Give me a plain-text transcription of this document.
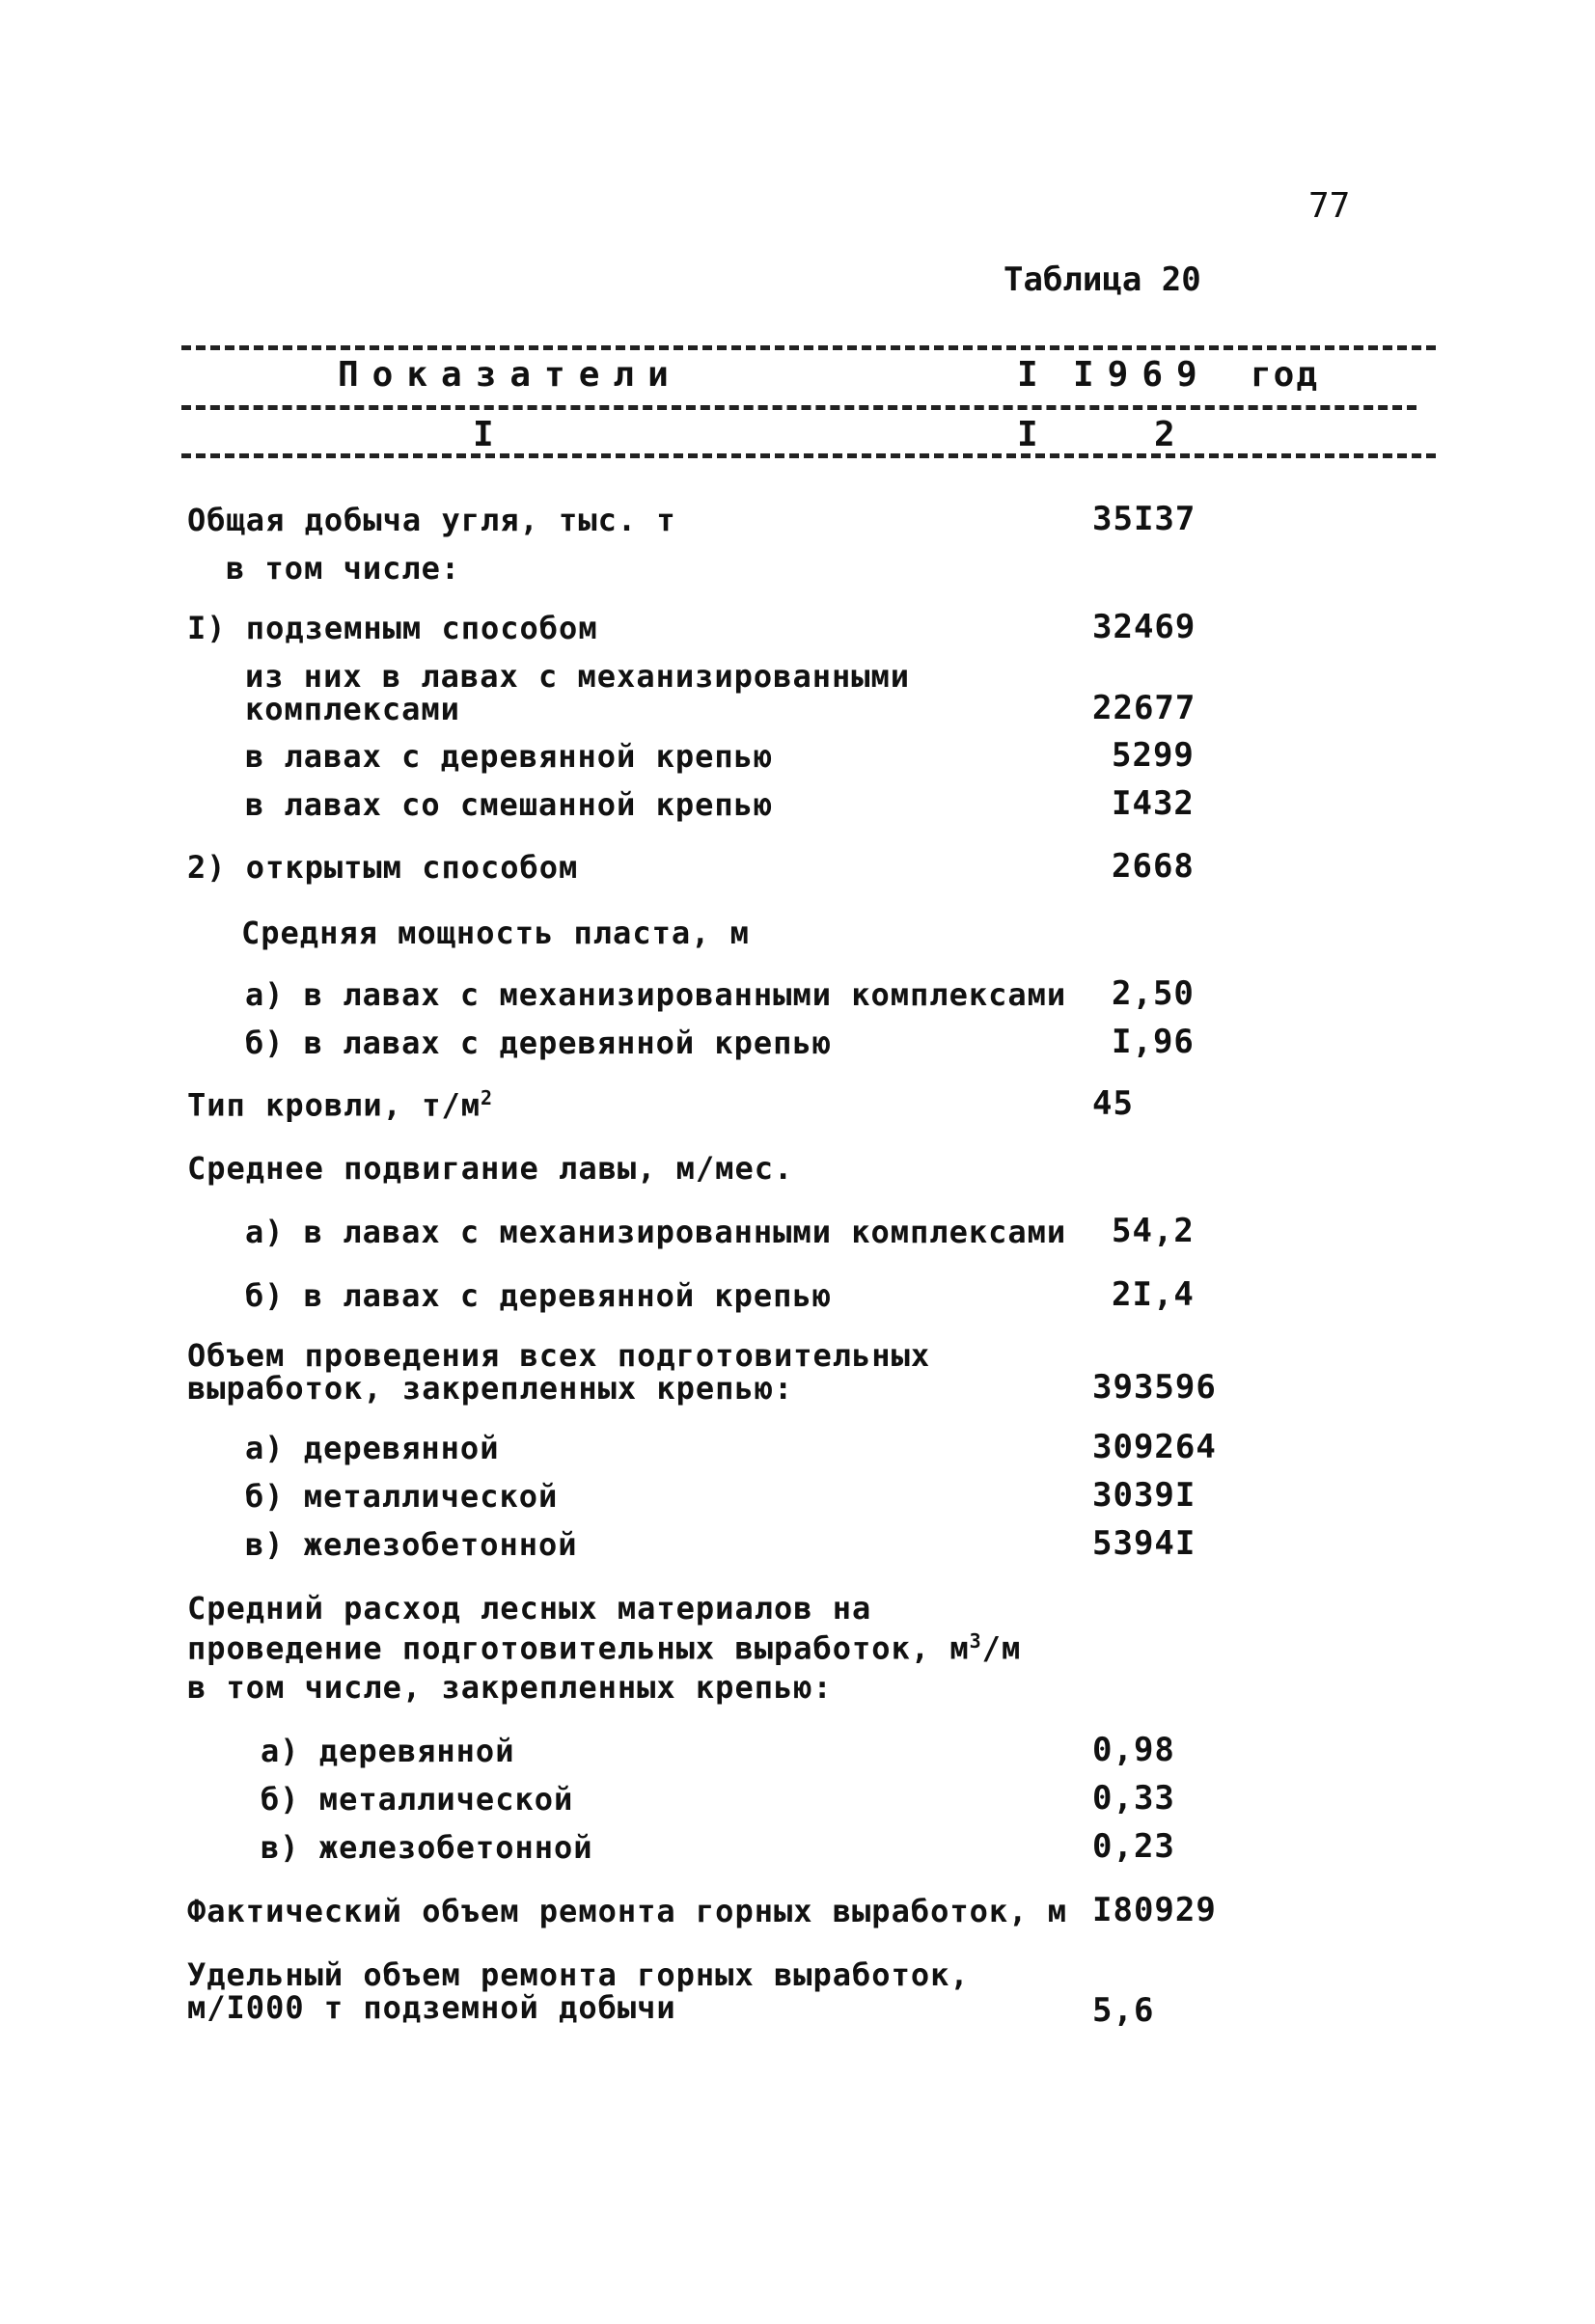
77
Таблица 20
Показатели	I I969 год
I	I	2
Общая добыча угля, тыс. т	35I37
в том числе:
I) подземным способом	32469
из них в лавах с механизированными комплексами	22677
в лавах с деревянной крепью	5299
в лавах со смешанной крепью	I432
2) открытым способом	2668
Средняя мощность пласта, м
а) в лавах с механизированными комплексами 2,50
б) в лавах с деревянной крепью	I,96
Тип кровли, $т/м^2$	45
Среднее подвигание лавы, м/мес.
а) в лавах с механизированными комплексами 54,2
б) в лавах с деревянной крепью	2I,4
Объем проведения всех подготовительных выработок, закрепленных крепью:	393596
а) деревянной	309264
б) металлической	3039I
в) железобетонной	5394I
Средний расход лесных материалов на проведение подготовительных выработок, $м^3/м$
в том числе, закрепленных крепью:
а) деревянной	0,98
б) металлической	0,33
в) железобетонной	0,23
Фактический объем ремонта горных выработок, м I80929
Удельный объем ремонта горных выработок, м/I000 т подземной добычи	5,6
